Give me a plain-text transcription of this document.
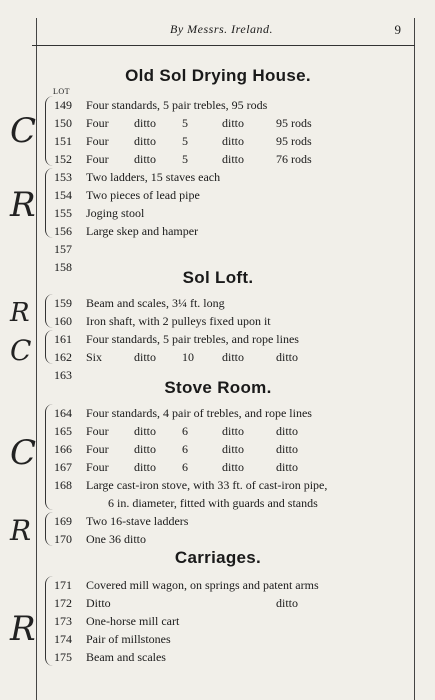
By Messrs. Ireland.	9
LOT
Old Sol Drying House.
Sol Loft.
Stove Room.
Carriages.
C
R
R
C
C
R
R
149 Four standards, 5 pair trebles, 95 rods
150 Four ditto 5	ditto	95 rods
151 Four ditto 5	ditto	95 rods
152 Four ditto 5	ditto	76 rods
153 Two ladders, 15 staves each
154 Two pieces of lead pipe
155 Joging stool
156 Large skep and hamper
157
158
159 Beam and scales, 3¼ ft. long
160 Iron shaft, with 2 pulleys fixed upon it
161 Four standards, 5 pair trebles, and rope lines
162 Six	ditto 10 ditto	ditto
163
164 Four standards, 4 pair of trebles, and rope lines
165 Four ditto 6	ditto	ditto
166 Four ditto 6	ditto	ditto
167 Four ditto 6	ditto	ditto
168 Large cast-iron stove, with 33 ft. of cast-iron pipe,
6 in. diameter, fitted with guards and stands
169 Two 16-stave ladders
170 One 36 ditto
171 Covered mill wagon, on springs and patent arms
172 Ditto	ditto
173 One-horse mill cart
174 Pair of millstones
175 Beam and scales
